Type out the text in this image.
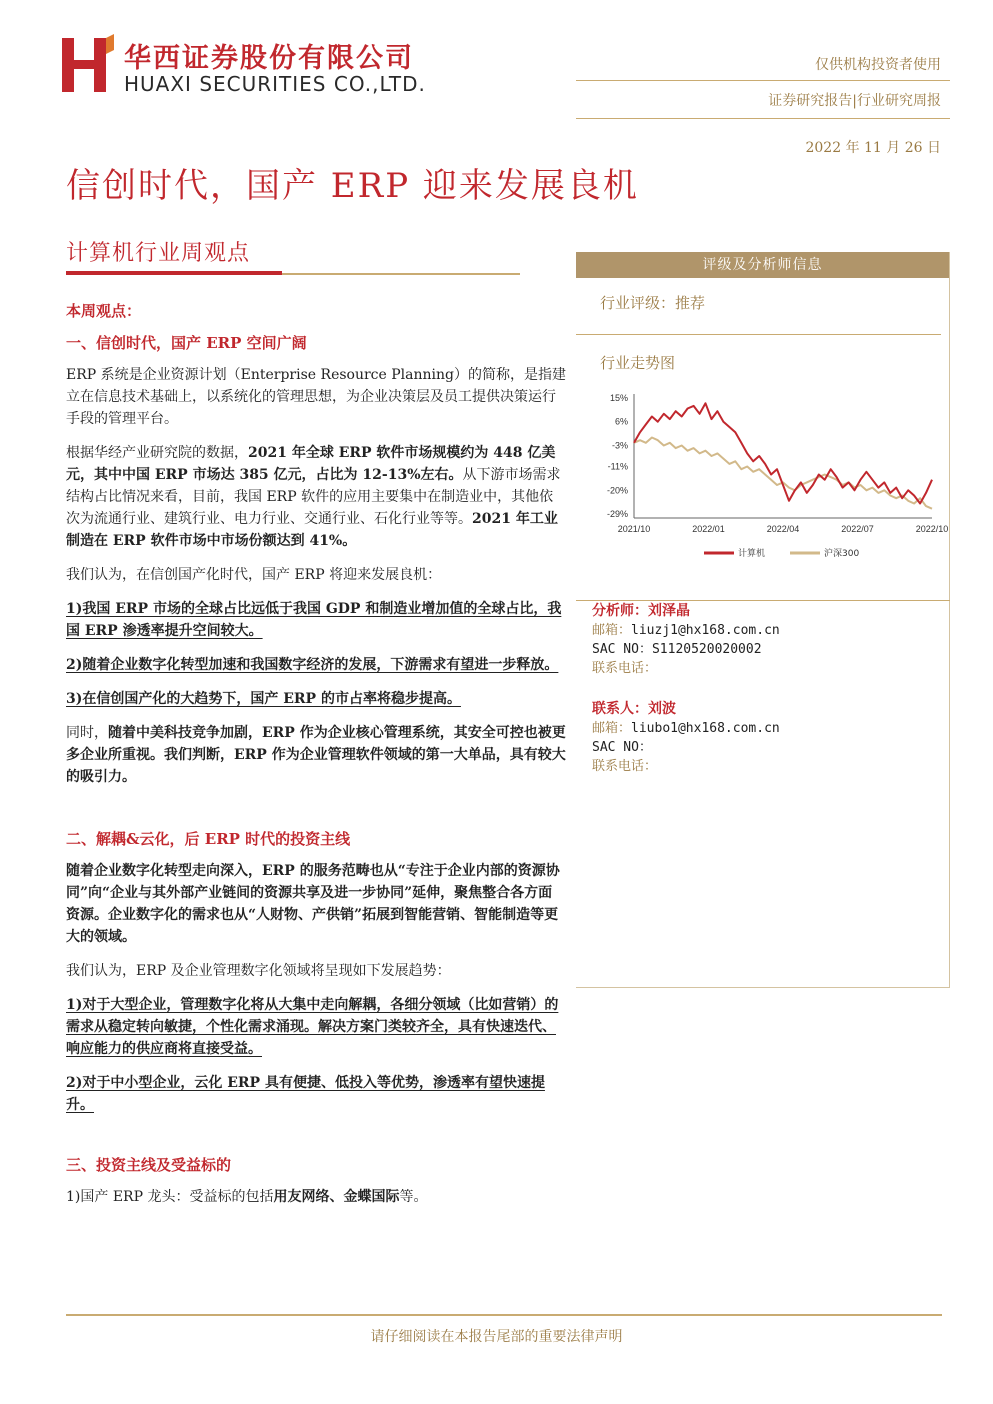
华西证券股份有限公司
HUAXI SECURITIES CO.,LTD.
仅供机构投资者使用
证券研究报告|行业研究周报
2022 年 11 月 26 日
信创时代，国产 ERP 迎来发展良机
计算机行业周观点
本周观点：
一、信创时代，国产 ERP 空间广阔

ERP 系统是企业资源计划（Enterprise Resource Planning）的简称，是指建立在信息技术基础上，以系统化的管理思想，为企业决策层及员工提供决策运行手段的管理平台。

根据华经产业研究院的数据，2021 年全球 ERP 软件市场规模约为 448 亿美元，其中中国 ERP 市场达 385 亿元，占比为 12-13%左右。从下游市场需求结构占比情况来看，目前，我国 ERP 软件的应用主要集中在制造业中，其他依次为流通行业、建筑行业、电力行业、交通行业、石化行业等等。2021 年工业制造在 ERP 软件市场中市场份额达到 41%。

我们认为，在信创国产化时代，国产 ERP 将迎来发展良机：

1)我国 ERP 市场的全球占比远低于我国 GDP 和制造业增加值的全球占比，我国 ERP 渗透率提升空间较大。

2)随着企业数字化转型加速和我国数字经济的发展，下游需求有望进一步释放。

3)在信创国产化的大趋势下，国产 ERP 的市占率将稳步提高。

同时，随着中美科技竞争加剧，ERP 作为企业核心管理系统，其安全可控也被更多企业所重视。我们判断，ERP 作为企业管理软件领域的第一大单品，具有较大的吸引力。

二、解耦&云化，后 ERP 时代的投资主线

随着企业数字化转型走向深入，ERP 的服务范畴也从“专注于企业内部的资源协同”向“企业与其外部产业链间的资源共享及进一步协同”延伸，聚焦整合各方面资源。企业数字化的需求也从“人财物、产供销”拓展到智能营销、智能制造等更大的领域。

我们认为，ERP 及企业管理数字化领域将呈现如下发展趋势：

1)对于大型企业，管理数字化将从大集中走向解耦，各细分领域（比如营销）的需求从稳定转向敏捷，个性化需求涌现。解决方案门类较齐全，具有快速迭代、响应能力的供应商将直接受益。

2)对于中小型企业，云化 ERP 具有便捷、低投入等优势，渗透率有望快速提升。

三、投资主线及受益标的

1)国产 ERP 龙头：受益标的包括用友网络、金蝶国际等。

评级及分析师信息
行业评级：推荐
行业走势图
15%
6%
-3%
-11%
-20%
-29%
2021/10	2022/01	2022/04	2022/07	2022/10
计算机	沪深300
分析师：刘泽晶
邮箱：liuzj1@hx168.com.cn
SAC NO：S1120520020002
联系电话：
联系人：刘波
邮箱：liubo1@hx168.com.cn
SAC NO：
联系电话：
请仔细阅读在本报告尾部的重要法律声明
